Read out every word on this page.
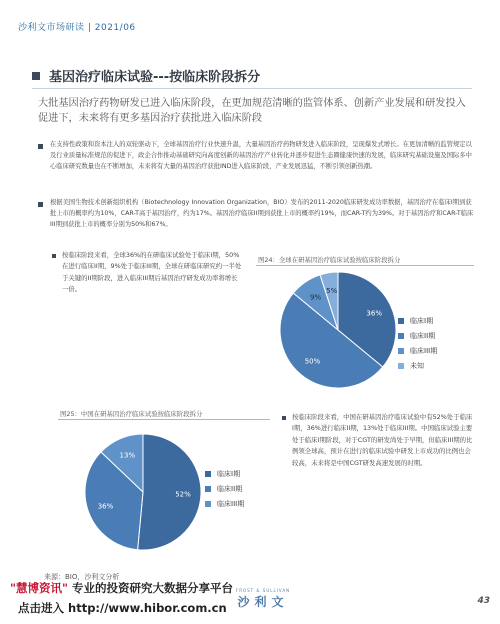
沙利文市场研读 | 2021/06
基因治疗临床试验---按临床阶段拆分
大批基因治疗药物研发已进入临床阶段，在更加规范清晰的监管体系、创新产业发展和研发投入促进下，未来将有更多基因治疗获批进入临床阶段
在支持性政策和资本注入的双轮驱动下，全球基因治疗行业快速升温，大量基因治疗药物研发进入临床阶段，呈现爆发式增长。在更加清晰的监管规定以及行业质量标准规范的促进下，政企合作推动基础研究向高度创新的基因治疗产业转化并逐步促进生态圈健康快速的发展，临床研究基础设施及国际多中心临床研究数量也在不断增加，未来将有大量的基因治疗获批IND进入临床阶段，产业发展迅猛，不断引领创新热潮。
根据美国生物技术创新组织机构（Biotechnology Innovation Organization，BIO）发布的2011-2020临床研发成功率数据，基因治疗在临床I期到获批上市的概率约为10%，CAR-T高于基因治疗，约为17%。基因治疗临床II期到获批上市的概率约19%，而CAR-T约为39%。对于基因治疗和CAR-T临床III期到获批上市的概率分别为50%和67%。
按临床阶段来看，全球36%的在研临床试验处于临床I期，50%在进行临床II期，9%处于临床III期，全球在研临床研究约一半处于关键的II期阶段，进入临床III期后基因治疗研发成功率将增长一倍。
图24：全球在研基因治疗临床试验按临床阶段拆分
36%
50%
9%
5%
临床I期
临床II期
临床III期
未知
图25：中国在研基因治疗临床试验按临床阶段拆分
52%
36%
13%
临床I期
临床II期
临床III期
按临床阶段来看，中国在研基因治疗临床试验中有52%处于临床I期，36%进行临床II期，13%处于临床III期。中国临床试验主要处于临床I期阶段，对于CGT的研发尚处于早期，但临床III期的比例领全球高，预计在进行的临床试验中研发上市成功的比例也会较高，未来将是中国CGT研发高速发展的时期。
来源：BIO，沙利文分析
"慧博资讯" 专业的投资研究大数据分享平台
点击进入 http://www.hibor.com.cn
FROST & SULLIVAN
沙利文	43
